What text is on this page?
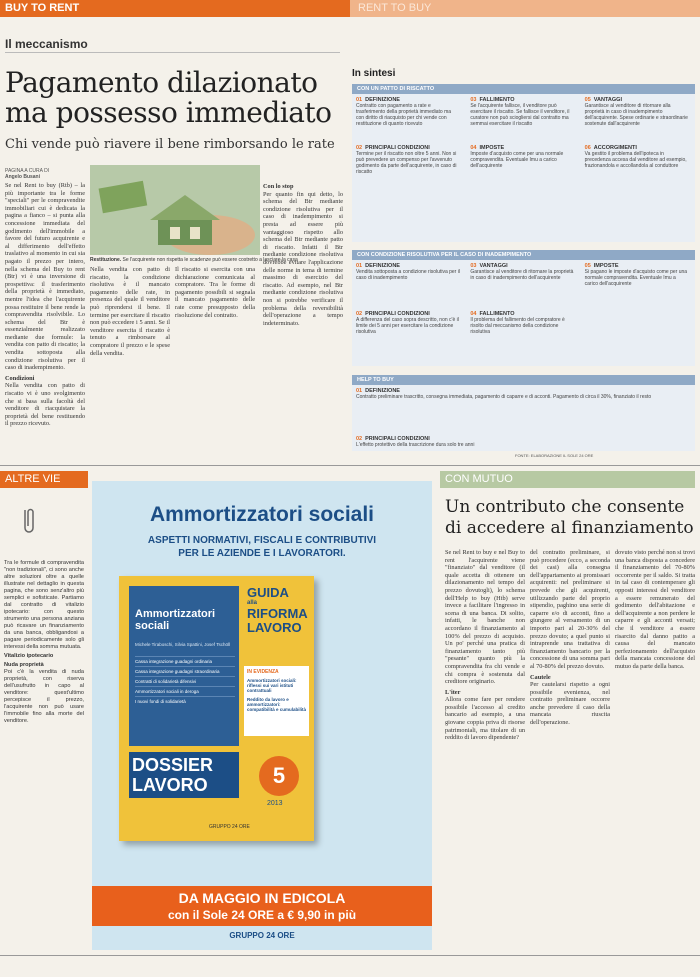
BUY TO RENT	RENT TO BUY
Il meccanismo
Pagamento dilazionato
ma possesso immediato
Chi vende può riavere il bene rimborsando le rate
PAGINA A CURA DI
Angelo Busani
Restituzione. Se l'acquirente non rispetta le scadenze può essere costretto a lasciare la casa
Se nel Rent to buy (Rtb) – la più importante tra le forme "speciali" per le compravendite immobiliari cui è dedicata la pagina a fianco – si punta alla concessione immediata del godimento dell'immobile a favore del futuro acquirente e al differimento dell'effetto traslativo al momento in cui sia pagato il prezzo per intero, nella schema del Buy to rent (Btr) vi è una inversione di prospettiva: il trasferimento della proprietà è immediato, mentre l'idea che l'acquirente possa restituire il bene rende la compravendita risolvibile. Lo schema del Btr è essenzialmente realizzato mediante due formule: la vendita con patto di riscatto; la vendita sottoposta alla condizione risolutiva per il caso di inadempimento.
Condizioni
Nella vendita con patto di riscatto vi è uno svolgimento che si basa sulla facoltà del venditore di riacquistare la proprietà del bene restituendo il prezzo ricevuto.
Nella vendita con patto di riscatto, la condizione risolutiva è il mancato pagamento delle rate, in presenza del quale il venditore può riprendersi il bene. Il termine per esercitare il riscatto non può eccedere i 5 anni. Se il venditore esercita il riscatto è tenuto a rimborsare al compratore il prezzo e le spese della vendita.
Il riscatto si esercita con una dichiarazione comunicata al compratore. Tra le forme di pagamento possibili si segnala il mancato pagamento delle rate come presupposto della risoluzione del contratto.
Con lo stop
Per quanto fin qui detto, lo schema del Btr mediante condizione risolutiva per il caso di inadempimento si presta ad essere più vantaggioso rispetto allo schema del Btr mediante patto di riscatto. Infatti il Btr mediante condizione risolutiva dovrebbe evitare l'applicazione delle norme in tema di termine massimo di esercizio del riscatto. Ad esempio, nel Btr mediante condizione risolutiva non si potrebbe verificare il problema della reversibilità dell'operazione a tempo indeterminato.
In sintesi
CON UN PATTO DI RISCATTO
01 DEFINIZIONE
Contratto con pagamento a rate e trasferimento della proprietà immediato ma con diritto di riacquisto per chi vende con restituzione di quanto ricevuto
02 PRINCIPALI CONDIZIONI
Termine per il riscatto non oltre 5 anni. Non si può prevedere un compenso per l'avvenuto godimento da parte dell'acquirente, in caso di riscatto
03 FALLIMENTO
Se l'acquirente fallisce, il venditore può esercitare il riscatto. Se fallisce il venditore, il curatore non può sciogliersi dal contratto ma semmai esercitare il riscatto
04 IMPOSTE
Imposte d'acquisto come per una normale compravendita. Eventuale Imu a carico dell'acquirente
05 VANTAGGI
Garantisce al venditore di ritornare alla proprietà in caso di inadempimento dell'acquirente. Spese ordinarie e straordinarie sostenute dall'acquirente
06 ACCORGIMENTI
Va gestito il problema dell'ipoteca in precedenza accesa dal venditore ad esempio, frazionandola e accollandola al conduttore
CON CONDIZIONE RISOLUTIVA PER IL CASO DI INADEMPIMENTO
01 DEFINIZIONE
Vendita sottoposta a condizione risolutiva per il caso di inadempimento
02 PRINCIPALI CONDIZIONI
A differenza del caso sopra descritto, non c'è il limite dei 5 anni per esercitare la condizione risolutiva
03 VANTAGGI
Garantisce al venditore di ritornare la proprietà in caso di inadempimento dell'acquirente
04 FALLIMENTO
Il problema del fallimento del compratore è risolto dal meccanismo della condizione risolutiva
05 IMPOSTE
Si pagano le imposte d'acquisto come per una normale compravendita. Eventuale Imu a carico dell'acquirente
HELP TO BUY
01 DEFINIZIONE
Contratto preliminare trascritto, consegna immediata, pagamento di caparre e di acconti. Pagamento di circa il 30%, finanziato il resto
02 PRINCIPALI CONDIZIONI
L'effetto protettivo della trascrizione dura solo tre anni
FONTE: ELABORAZIONE IL SOLE 24 ORE
ALTRE VIE
Tra le formule di compravendita "non tradizionali", ci sono anche altre soluzioni oltre a quelle illustrate nel dettaglio in questa pagina, che sono senz'altro più semplici e sofisticate. Partiamo dal contratto di vitalizio ipotecario: con questo strumento una persona anziana può ricavare un finanziamento da una banca, obbligandosi a pagare periodicamente solo gli interessi della somma mutuata.
Vitalizio ipotecario
Nuda proprietà
Poi c'è la vendita di nuda proprietà, con riserva dell'usufrutto in capo al venditore: quest'ultimo percepisce il prezzo, l'acquirente non può usare l'immobile fino alla morte del venditore.
Ammortizzatori sociali
ASPETTI NORMATIVI, FISCALI E CONTRIBUTIVI
PER LE AZIENDE E I LAVORATORI.
Ammortizzatori sociali
Michele Tiraboschi, Silvia Spattini, Josef Tschöll
Cassa integrazione guadagni ordinaria
Cassa integrazione guadagni straordinaria
Contratti di solidarietà difensivi
Ammortizzatori sociali in deroga
I nuovi fondi di solidarietà
GUIDA
alla
RIFORMA
LAVORO
IN EVIDENZA
Ammortizzatori sociali: riflessi sui vari istituti contrattuali
Reddito da lavoro e ammortizzatori: compatibilità e cumulabilità
DOSSIER
LAVORO	5
2013
GRUPPO 24 ORE
DA MAGGIO IN EDICOLA
con il Sole 24 ORE a € 9,90 in più
GRUPPO 24 ORE
CON MUTUO
Un contributo che consente
di accedere al finanziamento
Se nel Rent to buy e nel Buy to rent l'acquirente viene "finanziato" dal venditore (il quale accetta di ottenere un dilazionamento nel tempo del prezzo dovutogli), lo schema dell'Help to buy (Htb) serve invece a facilitare l'ingresso in scena di una banca. Di solito, infatti, le banche non accordano il finanziamento al 100% del prezzo di acquisto. Un po' perché una pratica di finanziamento tanto più "pesante" quanto più la compravendita fra chi vende e chi compra è sostenuta dal creditore originario.
L'iter
Allora come fare per rendere possibile l'accesso al credito bancario ad esempio, a una giovane coppia priva di risorse patrimoniali, ma titolare di un reddito di lavoro dipendente?
del contratto preliminare, si può procedere (ecco, a seconda dei casi) alla consegna dell'appartamento ai promissari acquirenti: nel preliminare si prevede che gli acquirenti, utilizzando parte del proprio stipendio, paghino una serie di caparre e/o di acconti, fino a giungere al versamento di un importo pari al 20-30% del prezzo dovuto; a quel punto si intraprende una trattativa di finanziamento bancario per la concessione di una somma pari al 70-80% del prezzo dovuto.
Cautele
Per cautelarsi rispetto a ogni possibile evenienza, nel contratto preliminare occorre anche prevedere il caso della mancata riuscita dell'operazione.
dovuto visto perché non si trovi una banca disposta a concedere il finanziamento del 70-80% occorrente per il saldo. Si tratta in tal caso di contemperare gli opposti interessi del venditore a essere remunerato del godimento dell'abitazione e dell'acquirente a non perdere le caparre e gli acconti versati; che il venditore a essere risarcito dal danno patito a causa del mancato perfezionamento dell'acquisto della mancata concessione del mutuo da parte della banca.
